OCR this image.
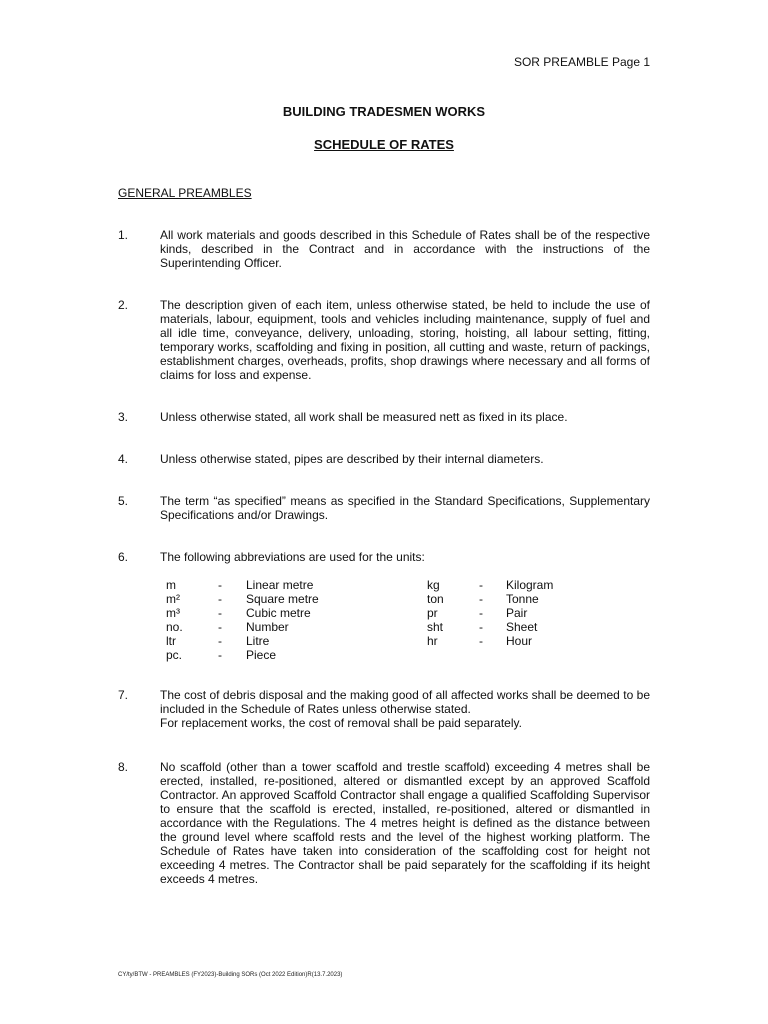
SOR PREAMBLE Page 1
BUILDING TRADESMEN WORKS
SCHEDULE OF RATES
GENERAL PREAMBLES
1.	All work materials and goods described in this Schedule of Rates shall be of the respective kinds, described in the Contract and in accordance with the instructions of the Superintending Officer.
2.	The description given of each item, unless otherwise stated, be held to include the use of materials, labour, equipment, tools and vehicles including maintenance, supply of fuel and all idle time, conveyance, delivery, unloading, storing, hoisting, all labour setting, fitting, temporary works, scaffolding and fixing in position, all cutting and waste, return of packings, establishment charges, overheads, profits, shop drawings where necessary and all forms of claims for loss and expense.
3.	Unless otherwise stated, all work shall be measured nett as fixed in its place.
4.	Unless otherwise stated, pipes are described by their internal diameters.
5.	The term “as specified” means as specified in the Standard Specifications, Supplementary Specifications and/or Drawings.
6.	The following abbreviations are used for the units:
m	-	Linear metre
m²	-	Square metre
m³	-	Cubic metre
no.	-	Number
ltr	-	Litre
pc.	-	Piece
kg	-	Kilogram
ton	-	Tonne
pr	-	Pair
sht	-	Sheet
hr	-	Hour
7.	The cost of debris disposal and the making good of all affected works shall be deemed to be included in the Schedule of Rates unless otherwise stated.
For replacement works, the cost of removal shall be paid separately.
8.	No scaffold (other than a tower scaffold and trestle scaffold) exceeding 4 metres shall be erected, installed, re-positioned, altered or dismantled except by an approved Scaffold Contractor. An approved Scaffold Contractor shall engage a qualified Scaffolding Supervisor to ensure that the scaffold is erected, installed, re-positioned, altered or dismantled in accordance with the Regulations. The 4 metres height is defined as the distance between the ground level where scaffold rests and the level of the highest working platform. The Schedule of Rates have taken into consideration of the scaffolding cost for height not exceeding 4 metres. The Contractor shall be paid separately for the scaffolding if its height exceeds 4 metres.
CY/ty/BTW - PREAMBLES (FY2023)-Building SORs (Oct 2022 Edition)R(13.7.2023)
